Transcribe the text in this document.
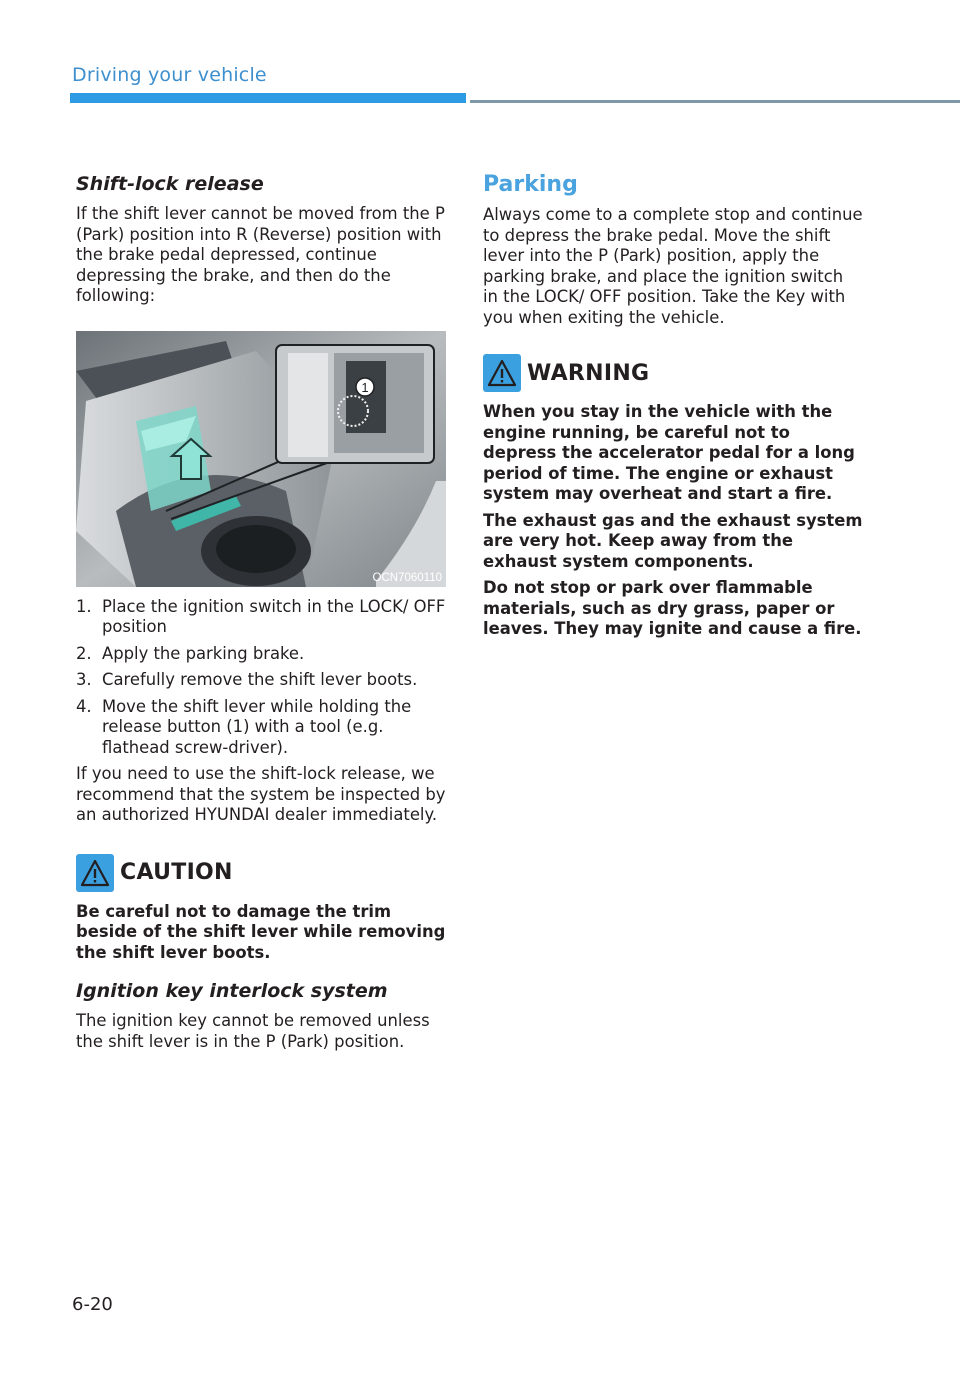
Driving your vehicle
Shift-lock release

If the shift lever cannot be moved from the P (Park) position into R (Reverse) position with the brake pedal depressed, continue depressing the brake, and then do the following:

1
OCN7060110
1. Place the ignition switch in the LOCK/ OFF position
2. Apply the parking brake.
3. Carefully remove the shift lever boots.
4. Move the shift lever while holding the release button (1) with a tool (e.g. flathead screw-driver).

If you need to use the shift-lock release, we recommend that the system be inspected by an authorized HYUNDAI dealer immediately.

CAUTION

Be careful not to damage the trim beside of the shift lever while removing the shift lever boots.

Ignition key interlock system

The ignition key cannot be removed unless the shift lever is in the P (Park) position.

Parking

Always come to a complete stop and continue to depress the brake pedal. Move the shift lever into the P (Park) position, apply the parking brake, and place the ignition switch in the LOCK/ OFF position. Take the Key with you when exiting the vehicle.

WARNING

When you stay in the vehicle with the engine running, be careful not to depress the accelerator pedal for a long period of time. The engine or exhaust system may overheat and start a fire.

The exhaust gas and the exhaust system are very hot. Keep away from the exhaust system components.

Do not stop or park over flammable materials, such as dry grass, paper or leaves. They may ignite and cause a fire.

6-20
